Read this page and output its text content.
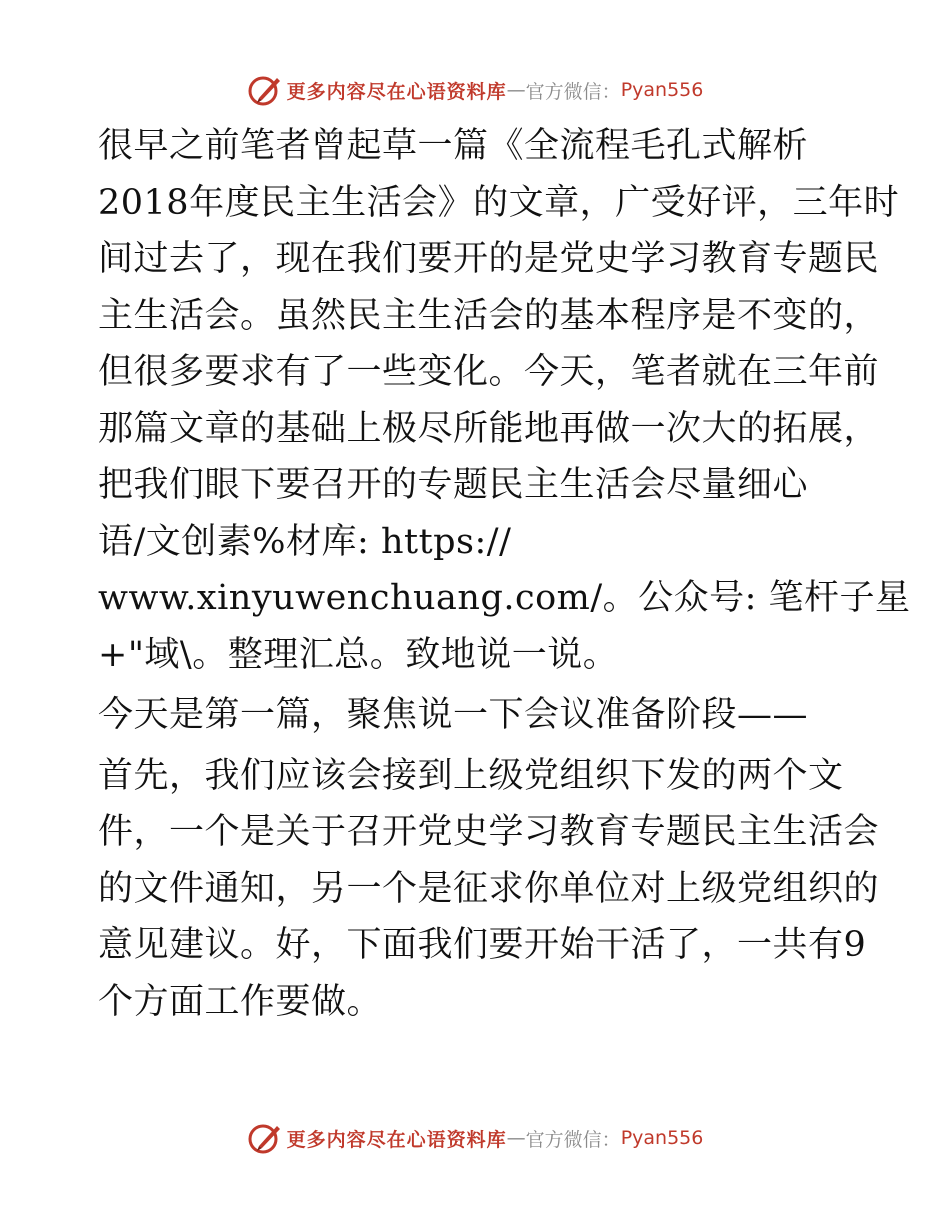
更多内容尽在心语资料库 — 官方微信： Pyan556

很早之前笔者曾起草一篇《全流程毛孔式解析
2018年度民主生活会》的文章，广受好评，三年时
间过去了，现在我们要开的是党史学习教育专题民
主生活会。虽然民主生活会的基本程序是不变的，
但很多要求有了一些变化。今天，笔者就在三年前
那篇文章的基础上极尽所能地再做一次大的拓展，
把我们眼下要召开的专题民主生活会尽量细心
语/文创素%材库: https://
www.xinyuwenchuang.com/。公众号: 笔杆子星
+"域\。整理汇总。致地说一说。

今天是第一篇，聚焦说一下会议准备阶段——

首先，我们应该会接到上级党组织下发的两个文
件，一个是关于召开党史学习教育专题民主生活会
的文件通知，另一个是征求你单位对上级党组织的
意见建议。好，下面我们要开始干活了，一共有9
个方面工作要做。

更多内容尽在心语资料库 — 官方微信： Pyan556
